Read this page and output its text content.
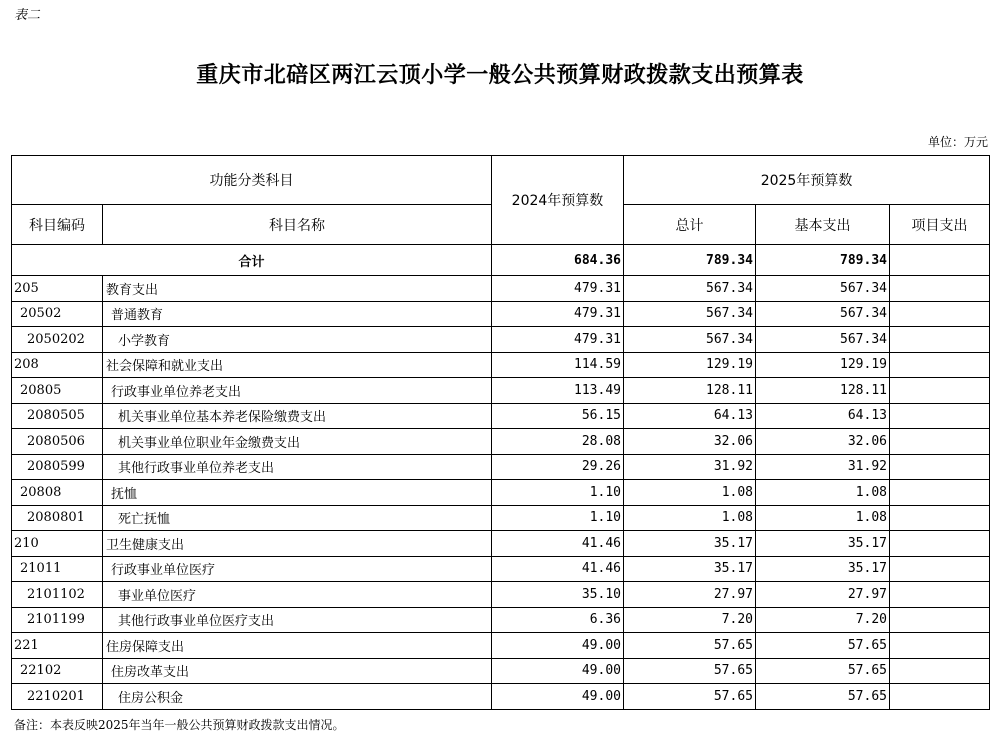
表二
重庆市北碚区两江云顶小学一般公共预算财政拨款支出预算表
单位：万元
功能分类科目		2024年预算数	2025年预算数		
科目编码	科目名称		总计	基本支出	项目支出
合计		684.36	789.34	789.34	
205	教育支出	479.31	567.34	567.34	
20502	普通教育	479.31	567.34	567.34	
2050202	小学教育	479.31	567.34	567.34	
208	社会保障和就业支出	114.59	129.19	129.19	
20805	行政事业单位养老支出	113.49	128.11	128.11	
2080505	机关事业单位基本养老保险缴费支出	56.15	64.13	64.13	
2080506	机关事业单位职业年金缴费支出	28.08	32.06	32.06	
2080599	其他行政事业单位养老支出	29.26	31.92	31.92	
20808	抚恤	1.10	1.08	1.08	
2080801	死亡抚恤	1.10	1.08	1.08	
210	卫生健康支出	41.46	35.17	35.17	
21011	行政事业单位医疗	41.46	35.17	35.17	
2101102	事业单位医疗	35.10	27.97	27.97	
2101199	其他行政事业单位医疗支出	6.36	7.20	7.20	
221	住房保障支出	49.00	57.65	57.65	
22102	住房改革支出	49.00	57.65	57.65	
2210201	住房公积金	49.00	57.65	57.65	
备注：本表反映2025年当年一般公共预算财政拨款支出情况。
